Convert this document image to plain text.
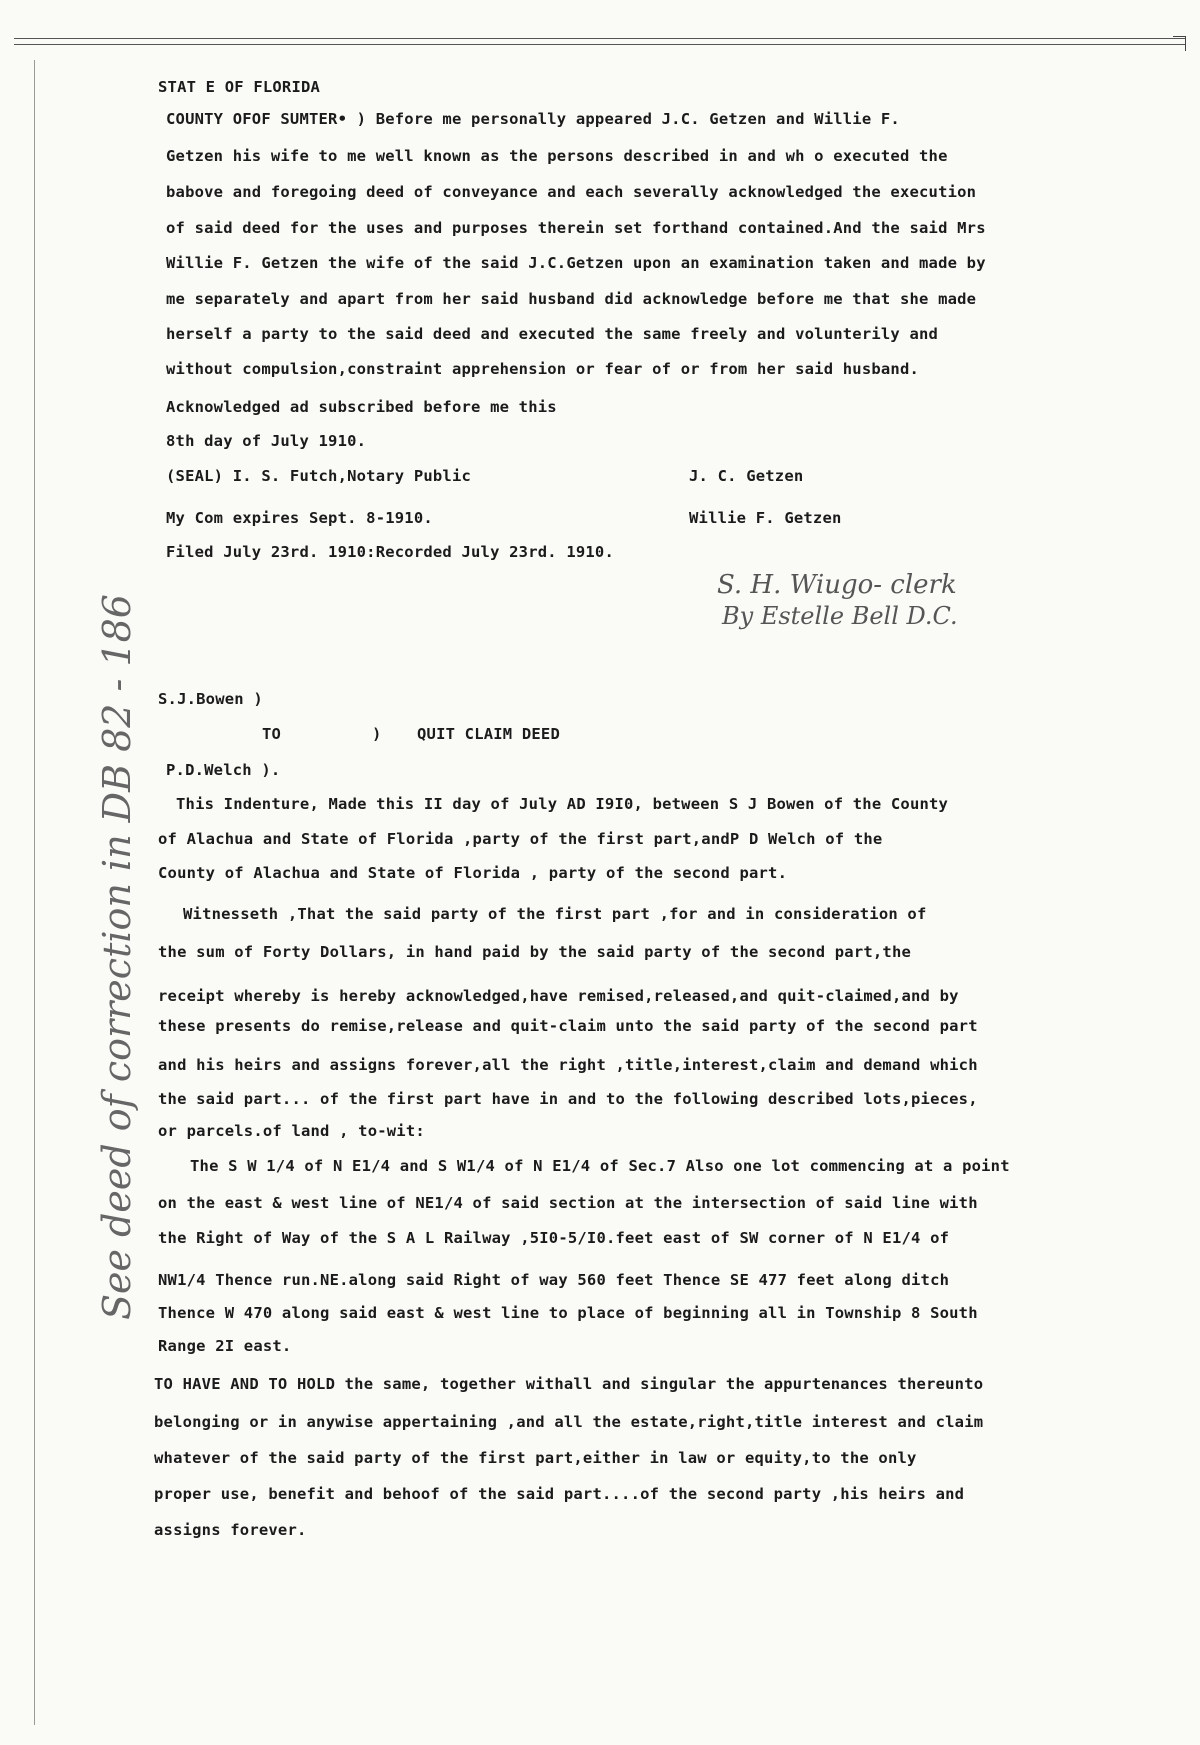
STAT E OF FLORIDA
COUNTY OFOF SUMTER• ) Before me personally appeared J.C. Getzen and Willie F.
Getzen his wife to me well known as the persons described in and wh o executed the
babove and foregoing deed of conveyance and each severally acknowledged the execution
of said deed for the uses and purposes therein set forthand contained.And the said Mrs
Willie F. Getzen the wife of the said J.C.Getzen upon an examination taken and made by
me separately and apart from her said husband did acknowledge before me that she made
herself a party to the said deed and executed the same freely and volunterily and
without compulsion,constraint apprehension or fear of or from her said husband.
Acknowledged ad subscribed before me this
8th day of July 1910.
(SEAL) I. S. Futch,Notary Public	J. C. Getzen
My Com expires Sept. 8-1910.	Willie F. Getzen
Filed July 23rd. 1910:Recorded July 23rd. 1910.
S. H. Wiugo- clerk
By Estelle Bell D.C.
S.J.Bowen )
TO	) QUIT CLAIM DEED
P.D.Welch ).
This Indenture, Made this II day of July AD I9I0, between S J Bowen of the County
of Alachua and State of Florida ,party of the first part,andP D Welch of the
County of Alachua and State of Florida , party of the second part.
Witnesseth ,That the said party of the first part ,for and in consideration of
the sum of Forty Dollars, in hand paid by the said party of the second part,the
receipt whereby is hereby acknowledged,have remised,released,and quit-claimed,and by
these presents do remise,release and quit-claim unto the said party of the second part
and his heirs and assigns forever,all the right ,title,interest,claim and demand which
the said part... of the first part have in and to the following described lots,pieces,
or parcels.of land , to-wit:
The S W 1/4 of N E1/4 and S W1/4 of N E1/4 of Sec.7 Also one lot commencing at a point
on the east & west line of NE1/4 of said section at the intersection of said line with
the Right of Way of the S A L Railway ,5I0-5/I0.feet east of SW corner of N E1/4 of
NW1/4 Thence run.NE.along said Right of way 560 feet Thence SE 477 feet along ditch
Thence W 470 along said east & west line to place of beginning all in Township 8 South
Range 2I east.
TO HAVE AND TO HOLD the same, together withall and singular the appurtenances thereunto
belonging or in anywise appertaining ,and all the estate,right,title interest and claim
whatever of the said party of the first part,either in law or equity,to the only
proper use, benefit and behoof of the said part....of the second party ,his heirs and
assigns forever.
See deed of correction in DB 82 - 186
